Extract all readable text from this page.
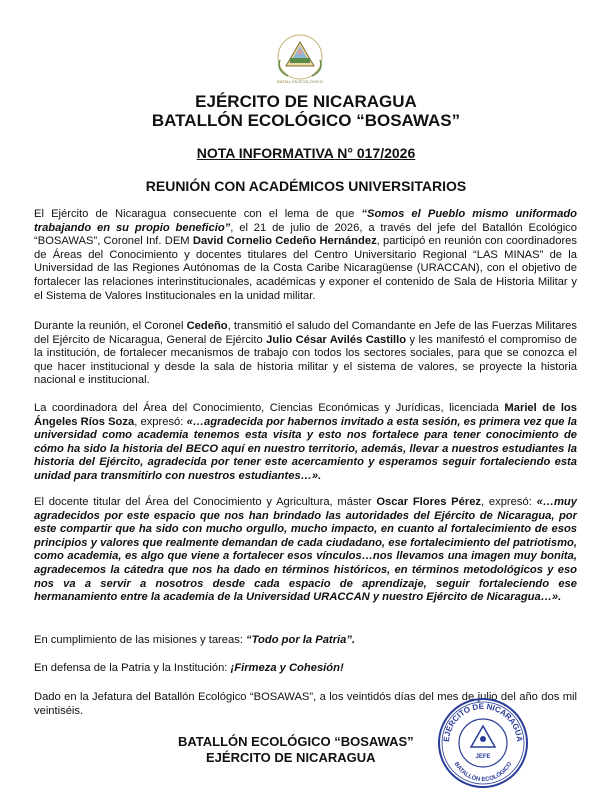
BATALLÓN ECOLÓGICO
EJÉRCITO DE NICARAGUA
BATALLÓN ECOLÓGICO “BOSAWAS”
NOTA INFORMATIVA N° 017/2026
REUNIÓN CON ACADÉMICOS UNIVERSITARIOS
El Ejército de Nicaragua consecuente con el lema de que “Somos el Pueblo mismo uniformado trabajando en su propio beneficio”, el 21 de julio de 2026, a través del jefe del Batallón Ecológico “BOSAWAS”, Coronel Inf. DEM David Cornelio Cedeño Hernández, participó en reunión con coordinadores de Áreas del Conocimiento y docentes titulares del Centro Universitario Regional “LAS MINAS” de la Universidad de las Regiones Autónomas de la Costa Caribe Nicaragüense (URACCAN), con el objetivo de fortalecer las relaciones interinstitucionales, académicas y exponer el contenido de Sala de Historia Militar y el Sistema de Valores Institucionales en la unidad militar.
Durante la reunión, el Coronel Cedeño, transmitió el saludo del Comandante en Jefe de las Fuerzas Militares del Ejército de Nicaragua, General de Ejército Julio César Avilés Castillo y les manifestó el compromiso de la institución, de fortalecer mecanismos de trabajo con todos los sectores sociales, para que se conozca el que hacer institucional y desde la sala de historia militar y el sistema de valores, se proyecte la historia nacional e institucional.
La coordinadora del Área del Conocimiento, Ciencias Económicas y Jurídicas, licenciada Mariel de los Ángeles Ríos Soza, expresó: «…agradecida por habernos invitado a esta sesión, es primera vez que la universidad como academia tenemos esta visita y esto nos fortalece para tener conocimiento de cómo ha sido la historia del BECO aquí en nuestro territorio, además, llevar a nuestros estudiantes la historia del Ejército, agradecida por tener este acercamiento y esperamos seguir fortaleciendo esta unidad para transmitirlo con nuestros estudiantes…».
El docente titular del Área del Conocimiento y Agricultura, máster Oscar Flores Pérez, expresó: «…muy agradecidos por este espacio que nos han brindado las autoridades del Ejército de Nicaragua, por este compartir que ha sido con mucho orgullo, mucho impacto, en cuanto al fortalecimiento de esos principios y valores que realmente demandan de cada ciudadano, ese fortalecimiento del patriotismo, como academia, es algo que viene a fortalecer esos vínculos…nos llevamos una imagen muy bonita, agradecemos la cátedra que nos ha dado en términos históricos, en términos metodológicos y eso nos va a servir a nosotros desde cada espacio de aprendizaje, seguir fortaleciendo ese hermanamiento entre la academia de la Universidad URACCAN y nuestro Ejército de Nicaragua…».
En cumplimiento de las misiones y tareas: “Todo por la Patria”.
En defensa de la Patria y la Institución: ¡Firmeza y Cohesión!
Dado en la Jefatura del Batallón Ecológico “BOSAWAS”, a los veintidós días del mes de julio del año dos mil veintiséis.
BATALLÓN ECOLÓGICO “BOSAWAS”
EJÉRCITO DE NICARAGUA
EJÉRCITO DE NICARAGUA
BATALLÓN ECOLÓGICO
JEFE
